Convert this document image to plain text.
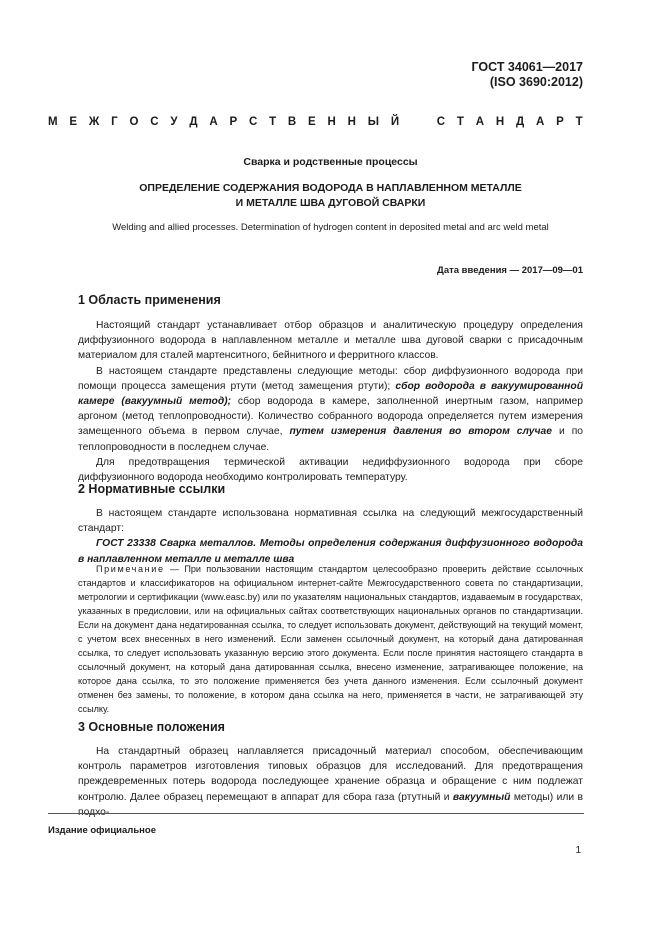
ГОСТ 34061—2017
(ISO 3690:2012)
М Е Ж Г О С У Д А Р С Т В Е Н Н Ы Й	С Т А Н Д А Р Т
Сварка и родственные процессы
ОПРЕДЕЛЕНИЕ СОДЕРЖАНИЯ ВОДОРОДА В НАПЛАВЛЕННОМ МЕТАЛЛЕ
И МЕТАЛЛЕ ШВА ДУГОВОЙ СВАРКИ
Welding and allied processes. Determination of hydrogen content in deposited metal and arc weld metal
Дата введения — 2017—09—01
1 Область применения

Настоящий стандарт устанавливает отбор образцов и аналитическую процедуру определения диффузионного водорода в наплавленном металле и металле шва дуговой сварки с присадочным материалом для сталей мартенситного, бейнитного и ферритного классов.

В настоящем стандарте представлены следующие методы: сбор диффузионного водорода при помощи процесса замещения ртути (метод замещения ртути); сбор водорода в вакуумированной камере (вакуумный метод); сбор водорода в камере, заполненной инертным газом, например аргоном (метод теплопроводности). Количество собранного водорода определяется путем измерения замещенного объема в первом случае, путем измерения давления во втором случае и по теплопроводности в последнем случае.

Для предотвращения термической активации недиффузионного водорода при сборе диффузионного водорода необходимо контролировать температуру.

2 Нормативные ссылки

В настоящем стандарте использована нормативная ссылка на следующий межгосударственный стандарт:

ГОСТ 23338 Сварка металлов. Методы определения содержания диффузионного водорода в наплавленном металле и металле шва

Примечание — При пользовании настоящим стандартом целесообразно проверить действие ссылочных стандартов и классификаторов на официальном интернет-сайте Межгосударственного совета по стандартизации, метрологии и сертификации (www.easc.by) или по указателям национальных стандартов, издаваемым в государствах, указанных в предисловии, или на официальных сайтах соответствующих национальных органов по стандартизации. Если на документ дана недатированная ссылка, то следует использовать документ, действующий на текущий момент, с учетом всех внесенных в него изменений. Если заменен ссылочный документ, на который дана датированная ссылка, то следует использовать указанную версию этого документа. Если после принятия настоящего стандарта в ссылочный документ, на который дана датированная ссылка, внесено изменение, затрагивающее положение, на которое дана ссылка, то это положение применяется без учета данного изменения. Если ссылочный документ отменен без замены, то положение, в котором дана ссылка на него, применяется в части, не затрагивающей эту ссылку.
3 Основные положения

На стандартный образец наплавляется присадочный материал способом, обеспечивающим контроль параметров изготовления типовых образцов для исследований. Для предотвращения преждевременных потерь водорода последующее хранение образца и обращение с ним подлежат контролю. Далее образец перемещают в аппарат для сбора газа (ртутный и вакуумный методы) или в подхо-

Издание официальное
1
